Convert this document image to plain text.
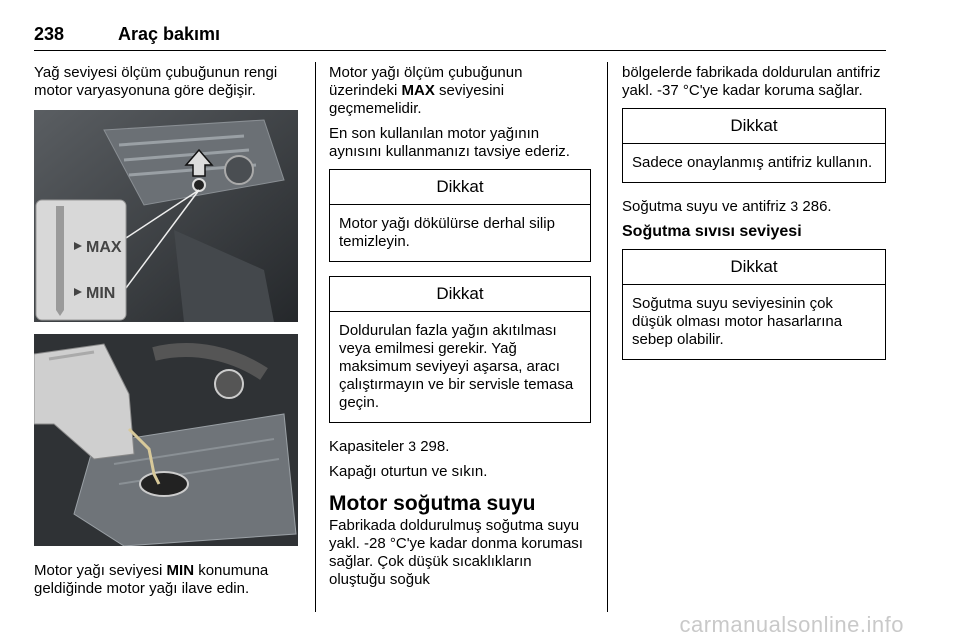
238	Araç bakımı

Yağ seviyesi ölçüm çubuğunun rengi motor varyasyonuna göre değişir.

MAX
MIN
Motor yağı seviyesi MIN konumuna geldiğinde motor yağı ilave edin.

Motor yağı ölçüm çubuğunun üzerindeki MAX seviyesini geçmemelidir.

En son kullanılan motor yağının aynısını kullanmanızı tavsiye ederiz.

Dikkat
Motor yağı dökülürse derhal silip temizleyin.
Dikkat
Doldurulan fazla yağın akıtılması veya emilmesi gerekir. Yağ maksimum seviyeyi aşarsa, aracı çalıştırmayın ve bir servisle temasa geçin.

Kapasiteler 3 298.

Kapağı oturtun ve sıkın.

Motor soğutma suyu

Fabrikada doldurulmuş soğutma suyu yakl. -28 °C'ye kadar donma koruması sağlar. Çok düşük sıcaklıkların oluştuğu soğuk

bölgelerde fabrikada doldurulan antifriz yakl. -37 °C'ye kadar koruma sağlar.

Dikkat
Sadece onaylanmış antifriz kullanın.

Soğutma suyu ve antifriz 3 286.

Soğutma sıvısı seviyesi
Dikkat
Soğutma suyu seviyesinin çok düşük olması motor hasarlarına sebep olabilir.
carmanualsonline.info
